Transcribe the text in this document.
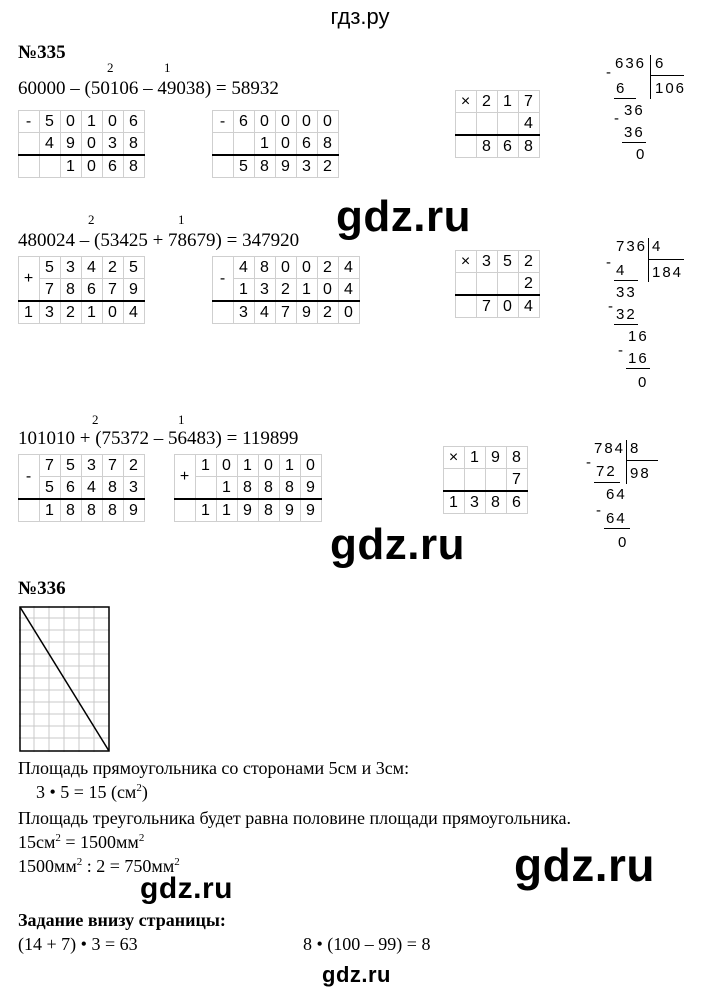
гдз.ру
№335
2	1
60000 – (50106 – 49038) = 58932
-	5	0	1	0	6
	4	9	0	3	8
		1	0	6	8
-	6	0	0	0	0
		1	0	6	8
	5	8	9	3	2
×	2	1	7
			4
	8	6	8
636 6
106
-
6
- 36
36
0
2	1
480024 – (53425 + 78679) = 347920
+	5	3	4	2	5
	7	8	6	7	9
1	3	2	1	0	4
-	4	8	0	0	2	4
	1	3	2	1	0	4
	3	4	7	9	2	0
×	3	5	2
			2
	7	0	4
736 4
184
- 4
33
- 32
16
- 16
0
2	1
101010 + (75372 – 56483) = 119899
-	7	5	3	7	2
	5	6	4	8	3
	1	8	8	8	9
+	1	0	1	0	1	0
		1	8	8	8	9
	1	1	9	8	9	9
×	1	9	8
			7
1	3	8	6
784 8
98
-
72
64
- 64
0
№336
Площадь прямоугольника со сторонами 5см и 3см:
3 • 5 = 15 $(см^2)$
Площадь треугольника будет равна половине площади прямоугольника.
$15см^2 = 1500мм^2$
$1500мм^2$ : $2 = 750мм^2$
Задание внизу страницы:
(14 + 7) • 3 = 63	8 • (100 – 99) = 8
gdz.ru
gdz.ru
gdz.ru
gdz.ru
gdz.ru
